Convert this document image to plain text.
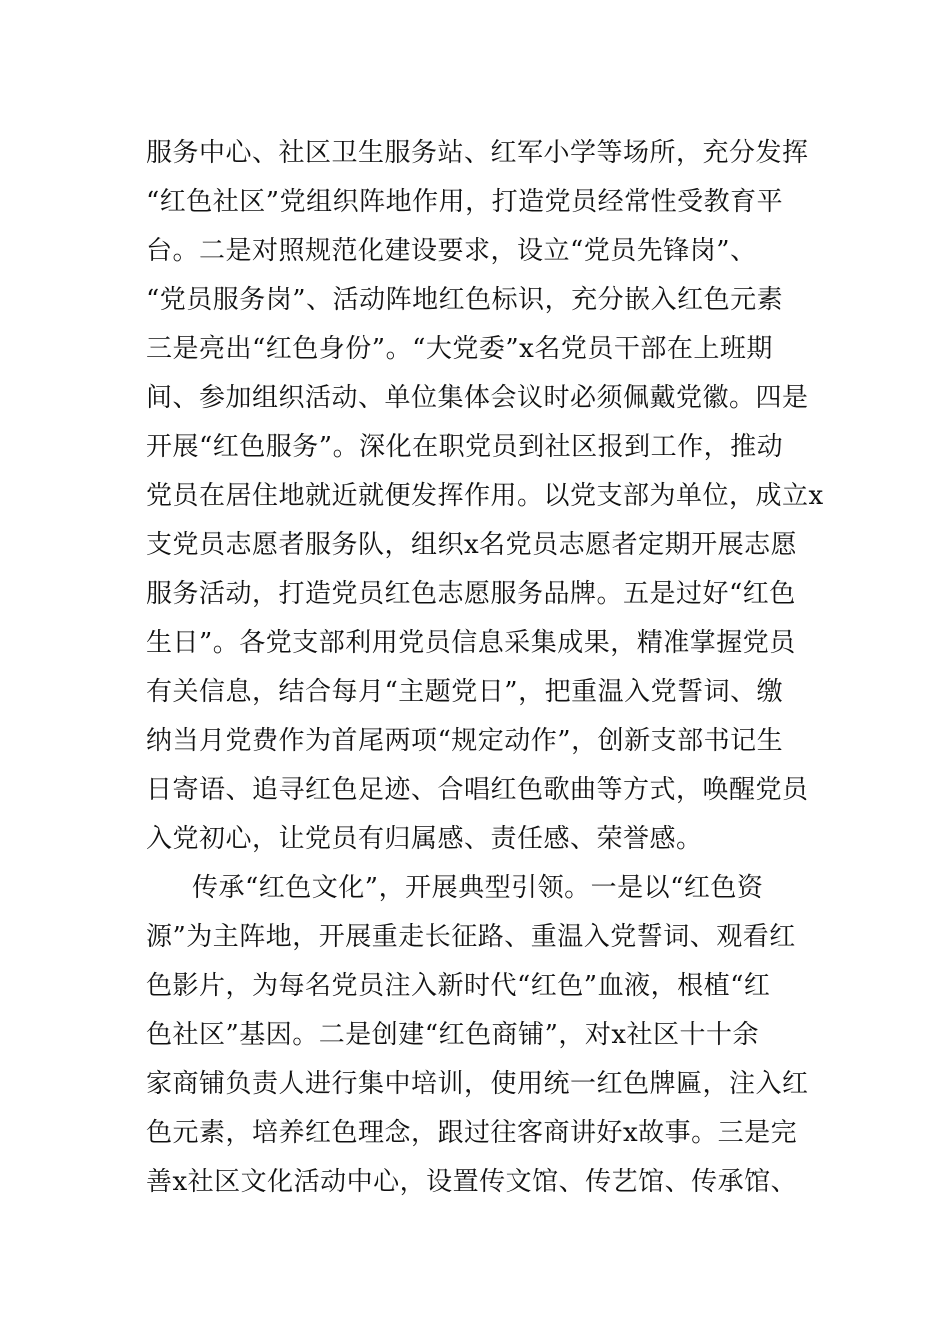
服务中心、社区卫生服务站、红军小学等场所，充分发挥
“红色社区”党组织阵地作用，打造党员经常性受教育平
台。二是对照规范化建设要求，设立“党员先锋岗”、
“党员服务岗”、活动阵地红色标识，充分嵌入红色元素
三是亮出“红色身份”。“大党委”x名党员干部在上班期
间、参加组织活动、单位集体会议时必须佩戴党徽。四是
开展“红色服务”。深化在职党员到社区报到工作，推动
党员在居住地就近就便发挥作用。以党支部为单位，成立x
支党员志愿者服务队，组织x名党员志愿者定期开展志愿
服务活动，打造党员红色志愿服务品牌。五是过好“红色
生日”。各党支部利用党员信息采集成果，精准掌握党员
有关信息，结合每月“主题党日”，把重温入党誓词、缴
纳当月党费作为首尾两项“规定动作”，创新支部书记生
日寄语、追寻红色足迹、合唱红色歌曲等方式，唤醒党员
入党初心，让党员有归属感、责任感、荣誉感。
传承“红色文化”，开展典型引领。一是以“红色资
源”为主阵地，开展重走长征路、重温入党誓词、观看红
色影片，为每名党员注入新时代“红色”血液，根植“红
色社区”基因。二是创建“红色商铺”，对x社区十十余
家商铺负责人进行集中培训，使用统一红色牌匾，注入红
色元素，培养红色理念，跟过往客商讲好x故事。三是完
善x社区文化活动中心，设置传文馆、传艺馆、传承馆、
